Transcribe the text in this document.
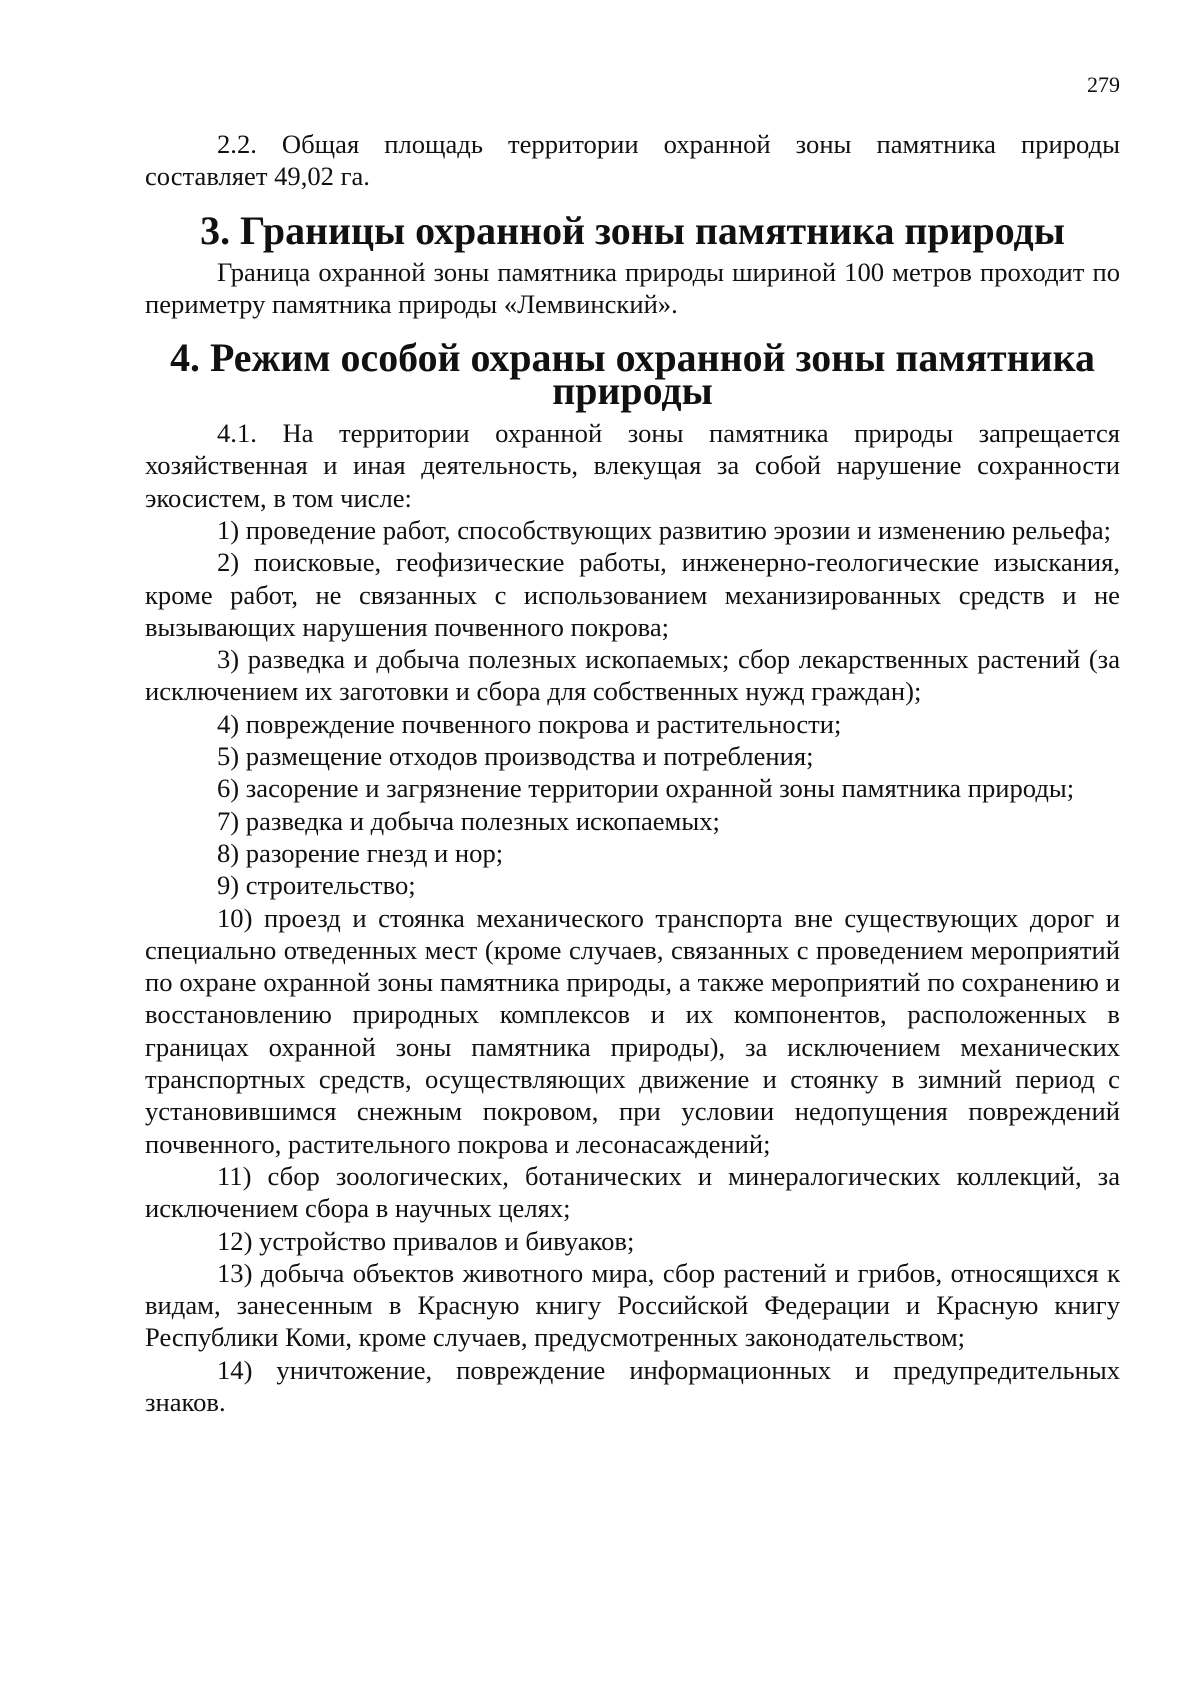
279

2.2. Общая площадь территории охранной зоны памятника природы составляет 49,02 га.

3. Границы охранной зоны памятника природы

Граница охранной зоны памятника природы шириной 100 метров проходит по периметру памятника природы «Лемвинский».

4. Режим особой охраны охранной зоны памятника природы

4.1. На территории охранной зоны памятника природы запрещается хозяйственная и иная деятельность, влекущая за собой нарушение сохранности экосистем, в том числе:

1) проведение работ, способствующих развитию эрозии и изменению рельефа;

2) поисковые, геофизические работы, инженерно-геологические изыскания, кроме работ, не связанных с использованием механизированных средств и не вызывающих нарушения почвенного покрова;

3) разведка и добыча полезных ископаемых; сбор лекарственных растений (за исключением их заготовки и сбора для собственных нужд граждан);

4) повреждение почвенного покрова и растительности;

5) размещение отходов производства и потребления;

6) засорение и загрязнение территории охранной зоны памятника природы;

7) разведка и добыча полезных ископаемых;

8) разорение гнезд и нор;

9) строительство;

10) проезд и стоянка механического транспорта вне существующих дорог и специально отведенных мест (кроме случаев, связанных с проведением мероприятий по охране охранной зоны памятника природы, а также мероприятий по сохранению и восстановлению природных комплексов и их компонентов, расположенных в границах охранной зоны памятника природы), за исключением механических транспортных средств, осуществляющих движение и стоянку в зимний период с установившимся снежным покровом, при условии недопущения повреждений почвенного, растительного покрова и лесонасаждений;

11) сбор зоологических, ботанических и минералогических коллекций, за исключением сбора в научных целях;

12) устройство привалов и бивуаков;

13) добыча объектов животного мира, сбор растений и грибов, относящихся к видам, занесенным в Красную книгу Российской Федерации и Красную книгу Республики Коми, кроме случаев, предусмотренных законодательством;

14) уничтожение, повреждение информационных и предупредительных знаков.
